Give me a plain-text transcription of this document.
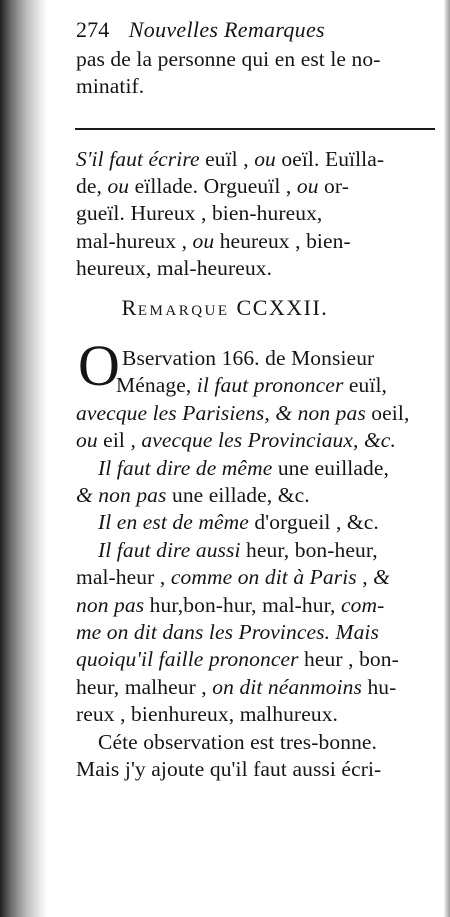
274 Nouvelles Remarques
pas de la personne qui en est le no-
minatif.
S'il faut écrire euïl , ou oeïl. Euïlla-
de, ou eïllade. Orgueuïl , ou or-
gueïl. Hureux , bien-hureux,
mal-hureux , ou heureux , bien-
heureux, mal-heureux.
REMARQUE CCXXII.
O Bservation 166. de Monsieur
Ménage, il faut prononcer euïl,
avecque les Parisiens, & non pas oeil,
ou eil , avecque les Provinciaux, &c.
Il faut dire de même une euillade,
& non pas une eillade, &c.
Il en est de même d'orgueil , &c.
Il faut dire aussi heur, bon-heur,
mal-heur , comme on dit à Paris , &
non pas hur,bon-hur, mal-hur, com-
me on dit dans les Provinces. Mais
quoiqu'il faille prononcer heur , bon-
heur, malheur , on dit néanmoins hu-
reux , bienhureux, malhureux.
Céte observation est tres-bonne.
Mais j'y ajoute qu'il faut aussi écri-
